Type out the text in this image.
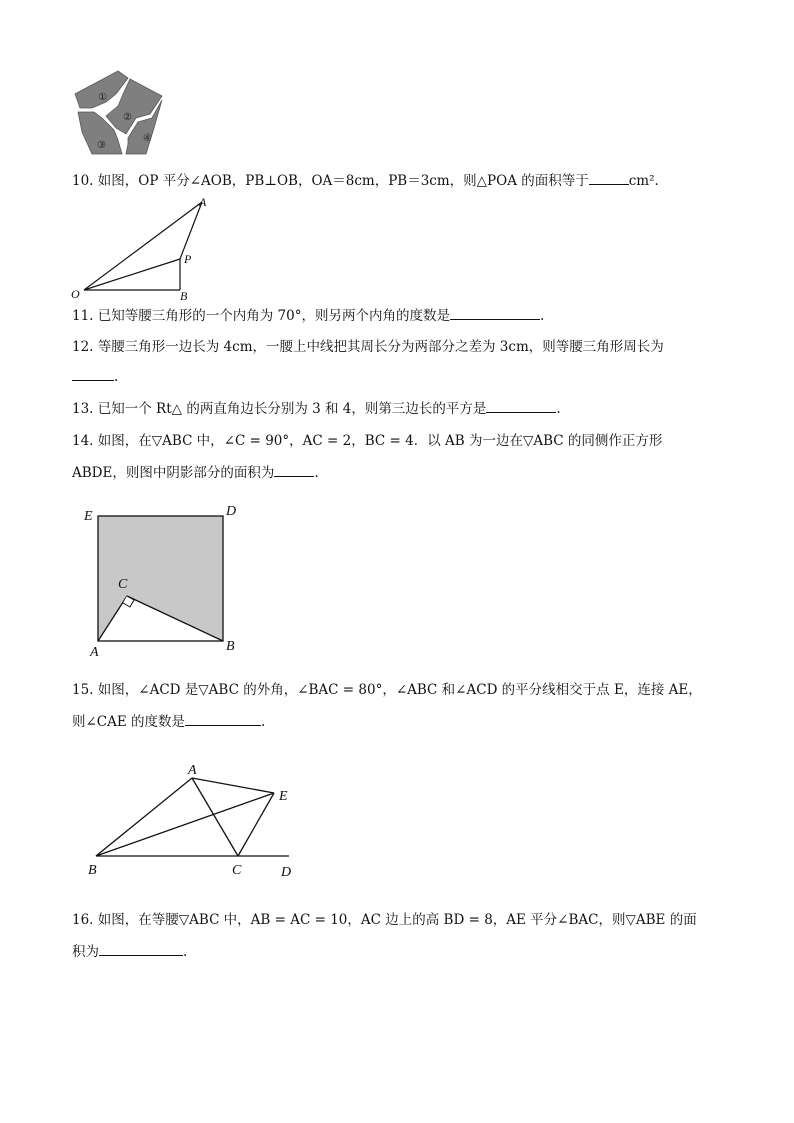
①
②
③
④
10. 如图，OP 平分∠AOB，PB⊥OB，OA＝8cm，PB＝3cm，则△POA 的面积等于	cm².
A
P
O	B
11. 已知等腰三角形的一个内角为 70°，则另两个内角的度数是	.
12. 等腰三角形一边长为 4cm，一腰上中线把其周长分为两部分之差为 3cm，则等腰三角形周长为
.
13. 已知一个 Rt△ 的两直角边长分别为 3 和 4，则第三边长的平方是	.
14. 如图，在▽ABC 中，∠C = 90°，AC = 2，BC = 4．以 AB 为一边在▽ABC 的同侧作正方形
ABDE，则图中阴影部分的面积为	.
E	D
C
A	B
15. 如图，∠ACD 是▽ABC 的外角，∠BAC = 80°，∠ABC 和∠ACD 的平分线相交于点 E，连接 AE，
则∠CAE 的度数是	.
A
E
B	C	D
16. 如图，在等腰▽ABC 中，AB = AC = 10，AC 边上的高 BD = 8，AE 平分∠BAC，则▽ABE 的面
积为	.
